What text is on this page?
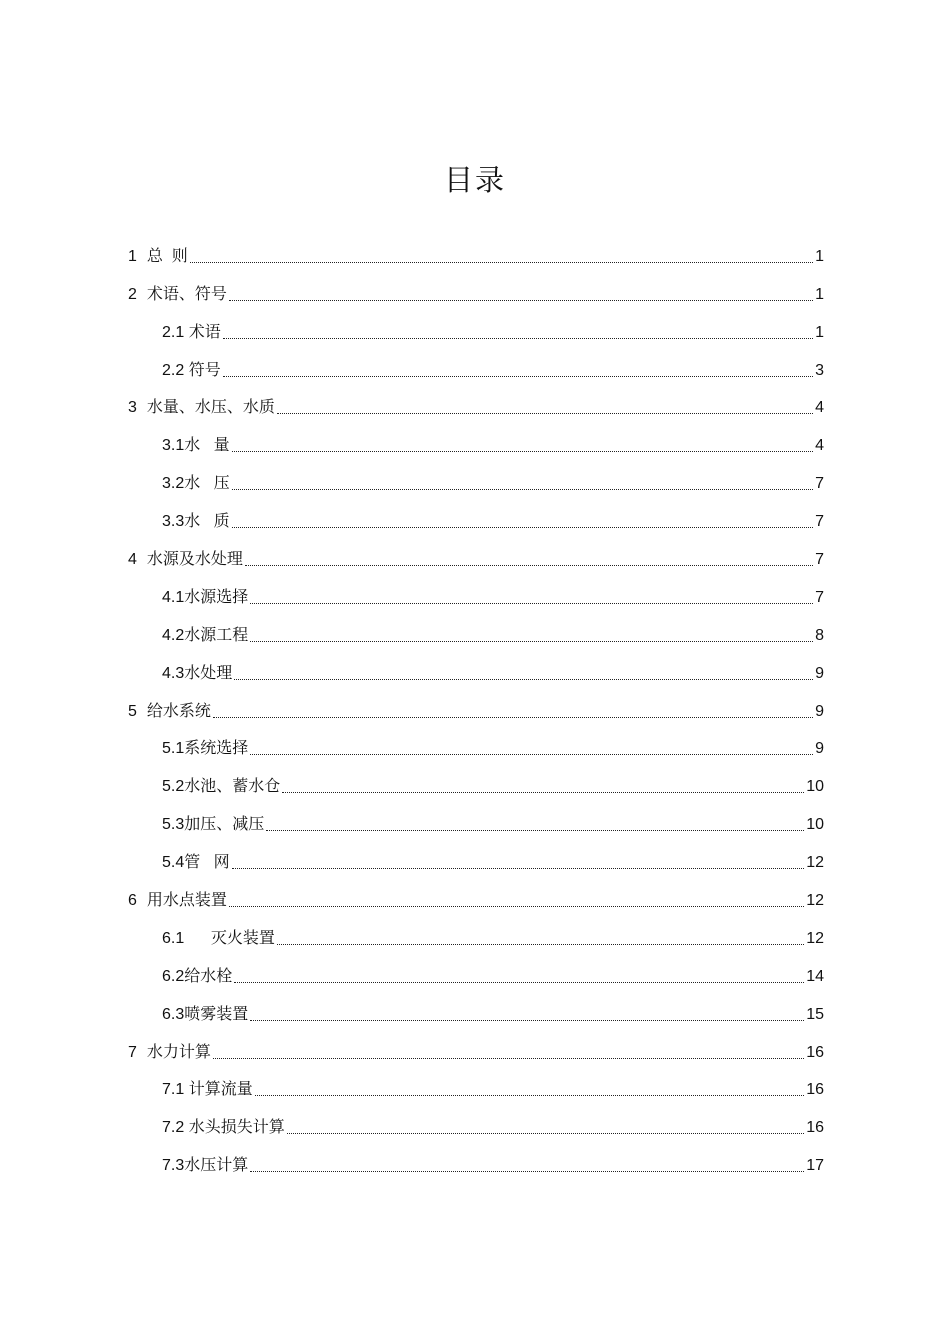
目录
1 总  则	1
2 术语、符号	1
2.1 术语	1
2.2 符号	3
3 水量、水压、水质	4
3.1 水   量	4
3.2 水   压	7
3.3 水   质	7
4 水源及水处理	7
4.1 水源选择	7
4.2 水源工程	8
4.3 水处理	9
5 给水系统	9
5.1 系统选择	9
5.2 水池、蓄水仓	10
5.3 加压、减压	10
5.4 管   网	12
6 用水点装置	12
6.1 灭火装置	12
6.2 给水栓	14
6.3 喷雾装置	15
7 水力计算	16
7.1 计算流量	16
7.2 水头损失计算	16
7.3 水压计算	17
